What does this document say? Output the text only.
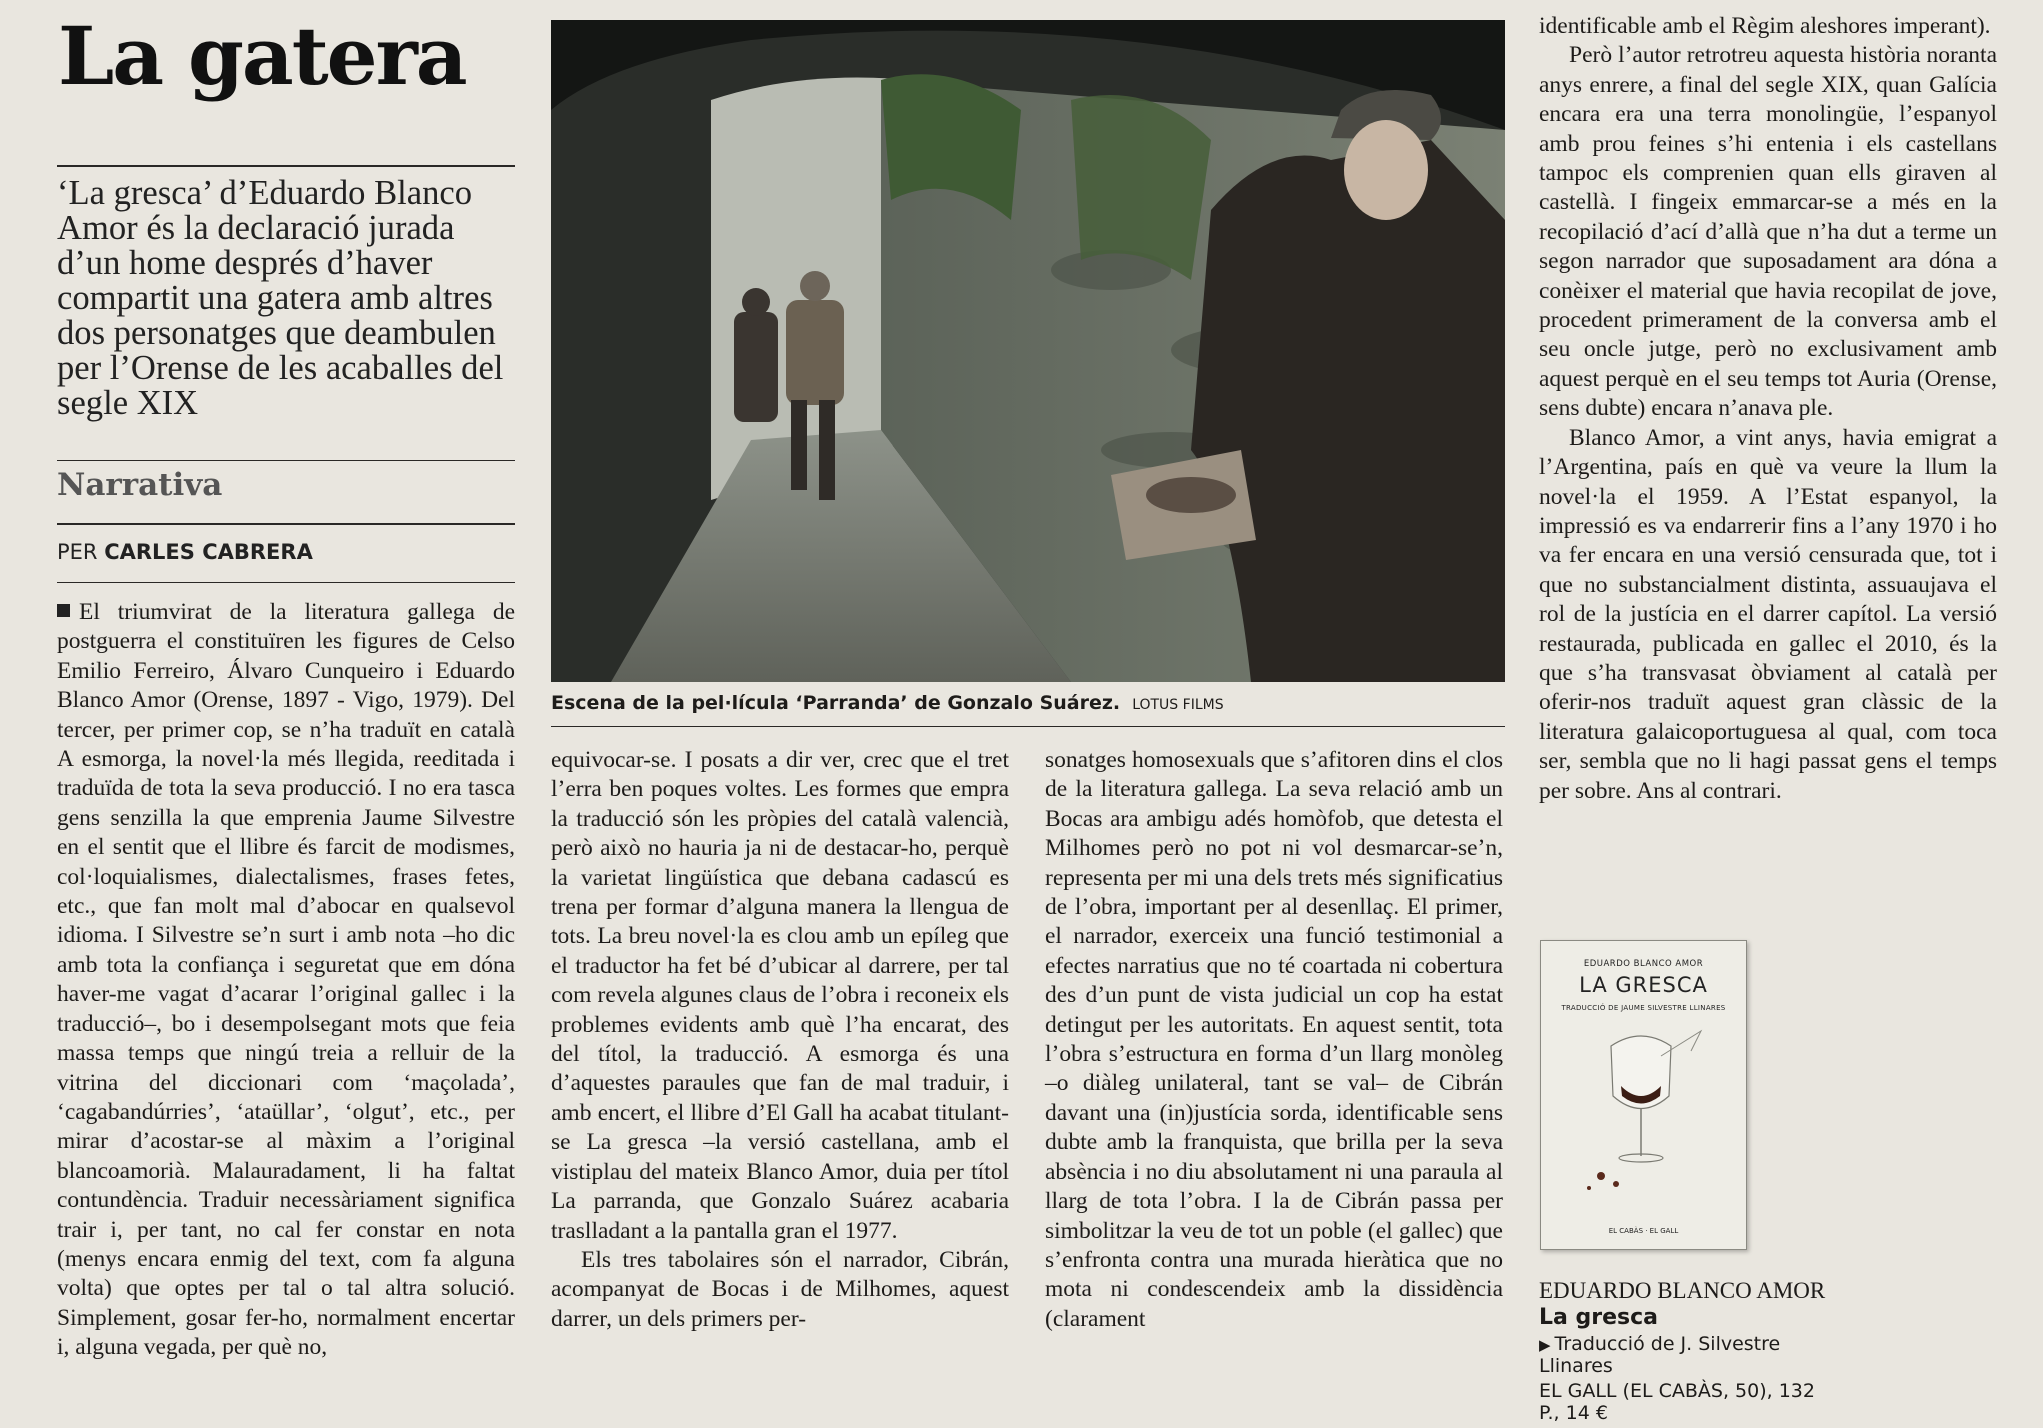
La gatera

‘La gresca’ d’Eduardo Blanco Amor és la declaració jurada d’un home després d’haver compartit una gatera amb altres dos personatges que deambulen per l’Orense de les acaballes del segle XIX

Narrativa
PER CARLES CABRERA

El triumvirat de la literatura gallega de postguerra el constituïren les figures de Celso Emilio Ferreiro, Álvaro Cunqueiro i Eduardo Blanco Amor (Orense, 1897 - Vigo, 1979). Del tercer, per primer cop, se n’ha traduït en català A esmorga, la novel·la més llegida, reeditada i traduïda de tota la seva producció. I no era tasca gens senzilla la que emprenia Jaume Silvestre en el sentit que el llibre és farcit de modismes, col·loquialismes, dialectalismes, frases fetes, etc., que fan molt mal d’abocar en qualsevol idioma. I Silvestre se’n surt i amb nota –ho dic amb tota la confiança i seguretat que em dóna haver-me vagat d’acarar l’original gallec i la traducció–, bo i desempolsegant mots que feia massa temps que ningú treia a relluir de la vitrina del diccionari com ‘maçolada’, ‘cagabandúrries’, ‘ataüllar’, ‘olgut’, etc., per mirar d’acostar-se al màxim a l’original blancoamorià. Malauradament, li ha faltat contundència. Traduir necessàriament significa trair i, per tant, no cal fer constar en nota (menys encara enmig del text, com fa alguna volta) que optes per tal o tal altra solució. Simplement, gosar fer-ho, normalment encertar i, alguna vegada, per què no,

Escena de la pel·lícula ‘Parranda’ de Gonzalo Suárez. LOTUS FILMS

equivocar-se. I posats a dir ver, crec que el tret l’erra ben poques voltes. Les formes que empra la traducció són les pròpies del català valencià, però això no hauria ja ni de destacar-ho, perquè la varietat lingüística que debana cadascú es trena per formar d’alguna manera la llengua de tots. La breu novel·la es clou amb un epíleg que el traductor ha fet bé d’ubicar al darrere, per tal com revela algunes claus de l’obra i reconeix els problemes evidents amb què l’ha encarat, des del títol, la traducció. A esmorga és una d’aquestes paraules que fan de mal traduir, i amb encert, el llibre d’El Gall ha acabat titulant-se La gresca –la versió castellana, amb el vistiplau del mateix Blanco Amor, duia per títol La parranda, que Gonzalo Suárez acabaria traslladant a la pantalla gran el 1977.

Els tres tabolaires són el narrador, Cibrán, acompanyat de Bocas i de Milhomes, aquest darrer, un dels primers per-

sonatges homosexuals que s’afitoren dins el clos de la literatura gallega. La seva relació amb un Bocas ara ambigu adés homòfob, que detesta el Milhomes però no pot ni vol desmarcar-se’n, representa per mi una dels trets més significatius de l’obra, important per al desenllaç. El primer, el narrador, exerceix una funció testimonial a efectes narratius que no té coartada ni cobertura des d’un punt de vista judicial un cop ha estat detingut per les autoritats. En aquest sentit, tota l’obra s’estructura en forma d’un llarg monòleg –o diàleg unilateral, tant se val– de Cibrán davant una (in)justícia sorda, identificable sens dubte amb la franquista, que brilla per la seva absència i no diu absolutament ni una paraula al llarg de tota l’obra. I la de Cibrán passa per simbolitzar la veu de tot un poble (el gallec) que s’enfronta contra una murada hieràtica que no mota ni condescendeix amb la dissidència (clarament

identificable amb el Règim aleshores imperant).

Però l’autor retrotreu aquesta història noranta anys enrere, a final del segle XIX, quan Galícia encara era una terra monolingüe, l’espanyol amb prou feines s’hi entenia i els castellans tampoc els comprenien quan ells giraven al castellà. I fingeix emmarcar-se a més en la recopilació d’ací d’allà que n’ha dut a terme un segon narrador que suposadament ara dóna a conèixer el material que havia recopilat de jove, procedent primerament de la conversa amb el seu oncle jutge, però no exclusivament amb aquest perquè en el seu temps tot Auria (Orense, sens dubte) encara n’anava ple.

Blanco Amor, a vint anys, havia emigrat a l’Argentina, país en què va veure la llum la novel·la el 1959. A l’Estat espanyol, la impressió es va endarrerir fins a l’any 1970 i ho va fer encara en una versió censurada que, tot i que no substancialment distinta, assuaujava el rol de la justícia en el darrer capítol. La versió restaurada, publicada en gallec el 2010, és la que s’ha transvasat òbviament al català per oferir-nos traduït aquest gran clàssic de la literatura galaicoportuguesa al qual, com toca ser, sembla que no li hagi passat gens el temps per sobre. Ans al contrari.

EDUARDO BLANCO AMOR
LA GRESCA
TRADUCCIÓ DE JAUME SILVESTRE LLINARES
EL CABÀS · EL GALL
EDUARDO BLANCO AMOR
La gresca
▶ Traducció de J. Silvestre Llinares
EL GALL (EL CABÀS, 50), 132 P., 14 €
